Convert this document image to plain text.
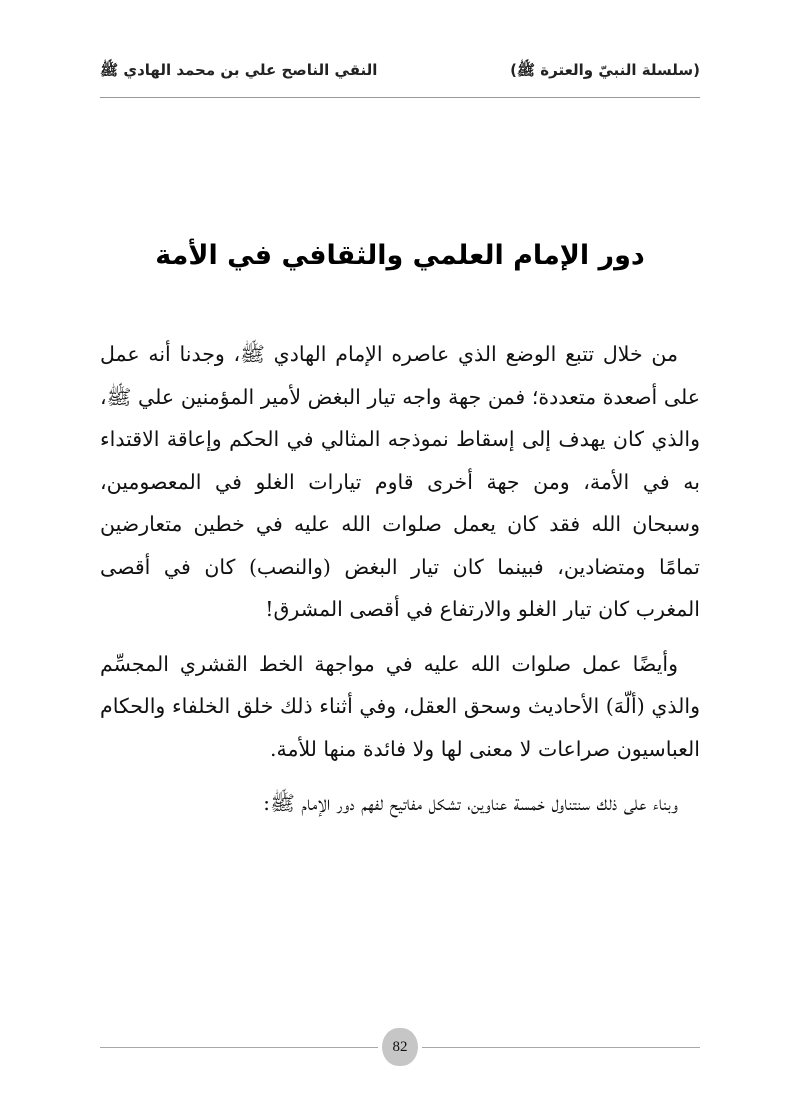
(سلسلة النبيّ والعترة ﷺ)
النقي الناصح علي بن محمد الهادي ﷺ
دور الإمام العلمي والثقافي في الأمة

من خلال تتبع الوضع الذي عاصره الإمام الهادي ﷺ، وجدنا أنه عمل على أصعدة متعددة؛ فمن جهة واجه تيار البغض لأمير المؤمنين علي ﷺ، والذي كان يهدف إلى إسقاط نموذجه المثالي في الحكم وإعاقة الاقتداء به في الأمة، ومن جهة أخرى قاوم تيارات الغلو في المعصومين، وسبحان الله فقد كان يعمل صلوات الله عليه في خطين متعارضين تمامًا ومتضادين، فبينما كان تيار البغض (والنصب) كان في أقصى المغرب كان تيار الغلو والارتفاع في أقصى المشرق!

وأيضًا عمل صلوات الله عليه في مواجهة الخط القشري المجسِّم والذي (ألّهَ) الأحاديث وسحق العقل، وفي أثناء ذلك خلق الخلفاء والحكام العباسيون صراعات لا معنى لها ولا فائدة منها للأمة.

وبناء على ذلك سنتناول خمسة عناوين، تشكل مفاتيح لفهم دور الإمام ﷺ:

82
